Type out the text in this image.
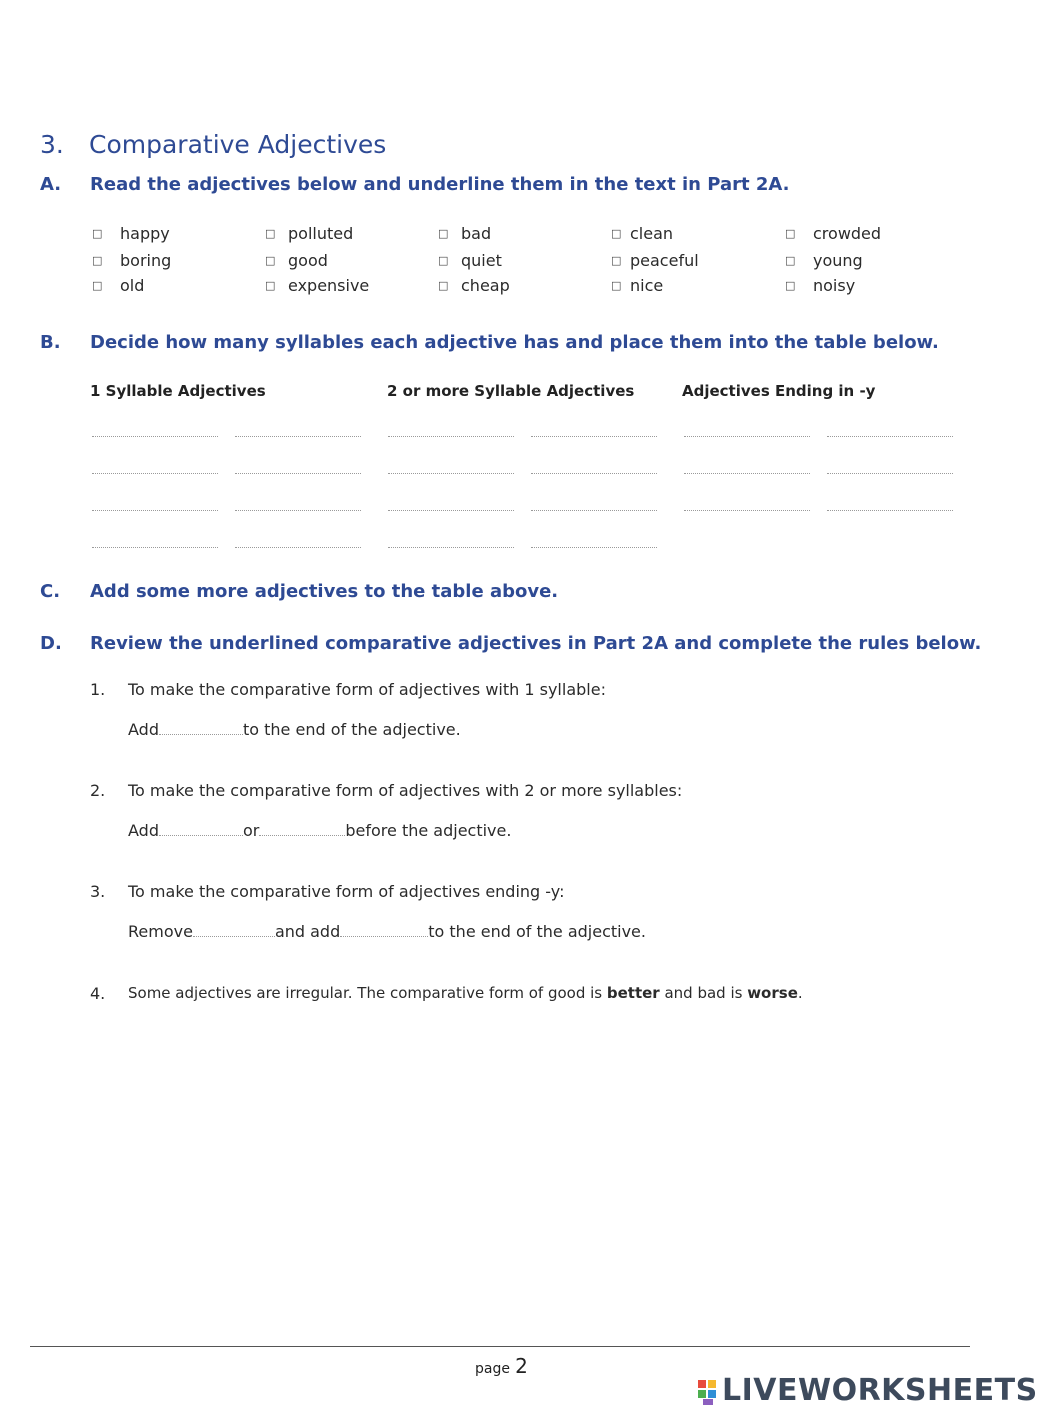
3. Comparative Adjectives
A. Read the adjectives below and underline them in the text in Part 2A.
□ happy	□ polluted	□ bad	□ clean	□ crowded
□ boring	□ good	□ quiet	□ peaceful	□ young
□ old	□ expensive	□ cheap	□ nice	□ noisy
B. Decide how many syllables each adjective has and place them into the table below.
1 Syllable Adjectives	2 or more Syllable Adjectives	Adjectives Ending in -y
C. Add some more adjectives to the table above.
D. Review the underlined comparative adjectives in Part 2A and complete the rules below.
1. To make the comparative form of adjectives with 1 syllable:
Add	to the end of the adjective.
2. To make the comparative form of adjectives with 2 or more syllables:
Add	or	before the adjective.
3. To make the comparative form of adjectives ending -y:
Remove	and add	to the end of the adjective.
4. Some adjectives are irregular. The comparative form of good is better and bad is worse.
page 2
LIVEWORKSHEETS
